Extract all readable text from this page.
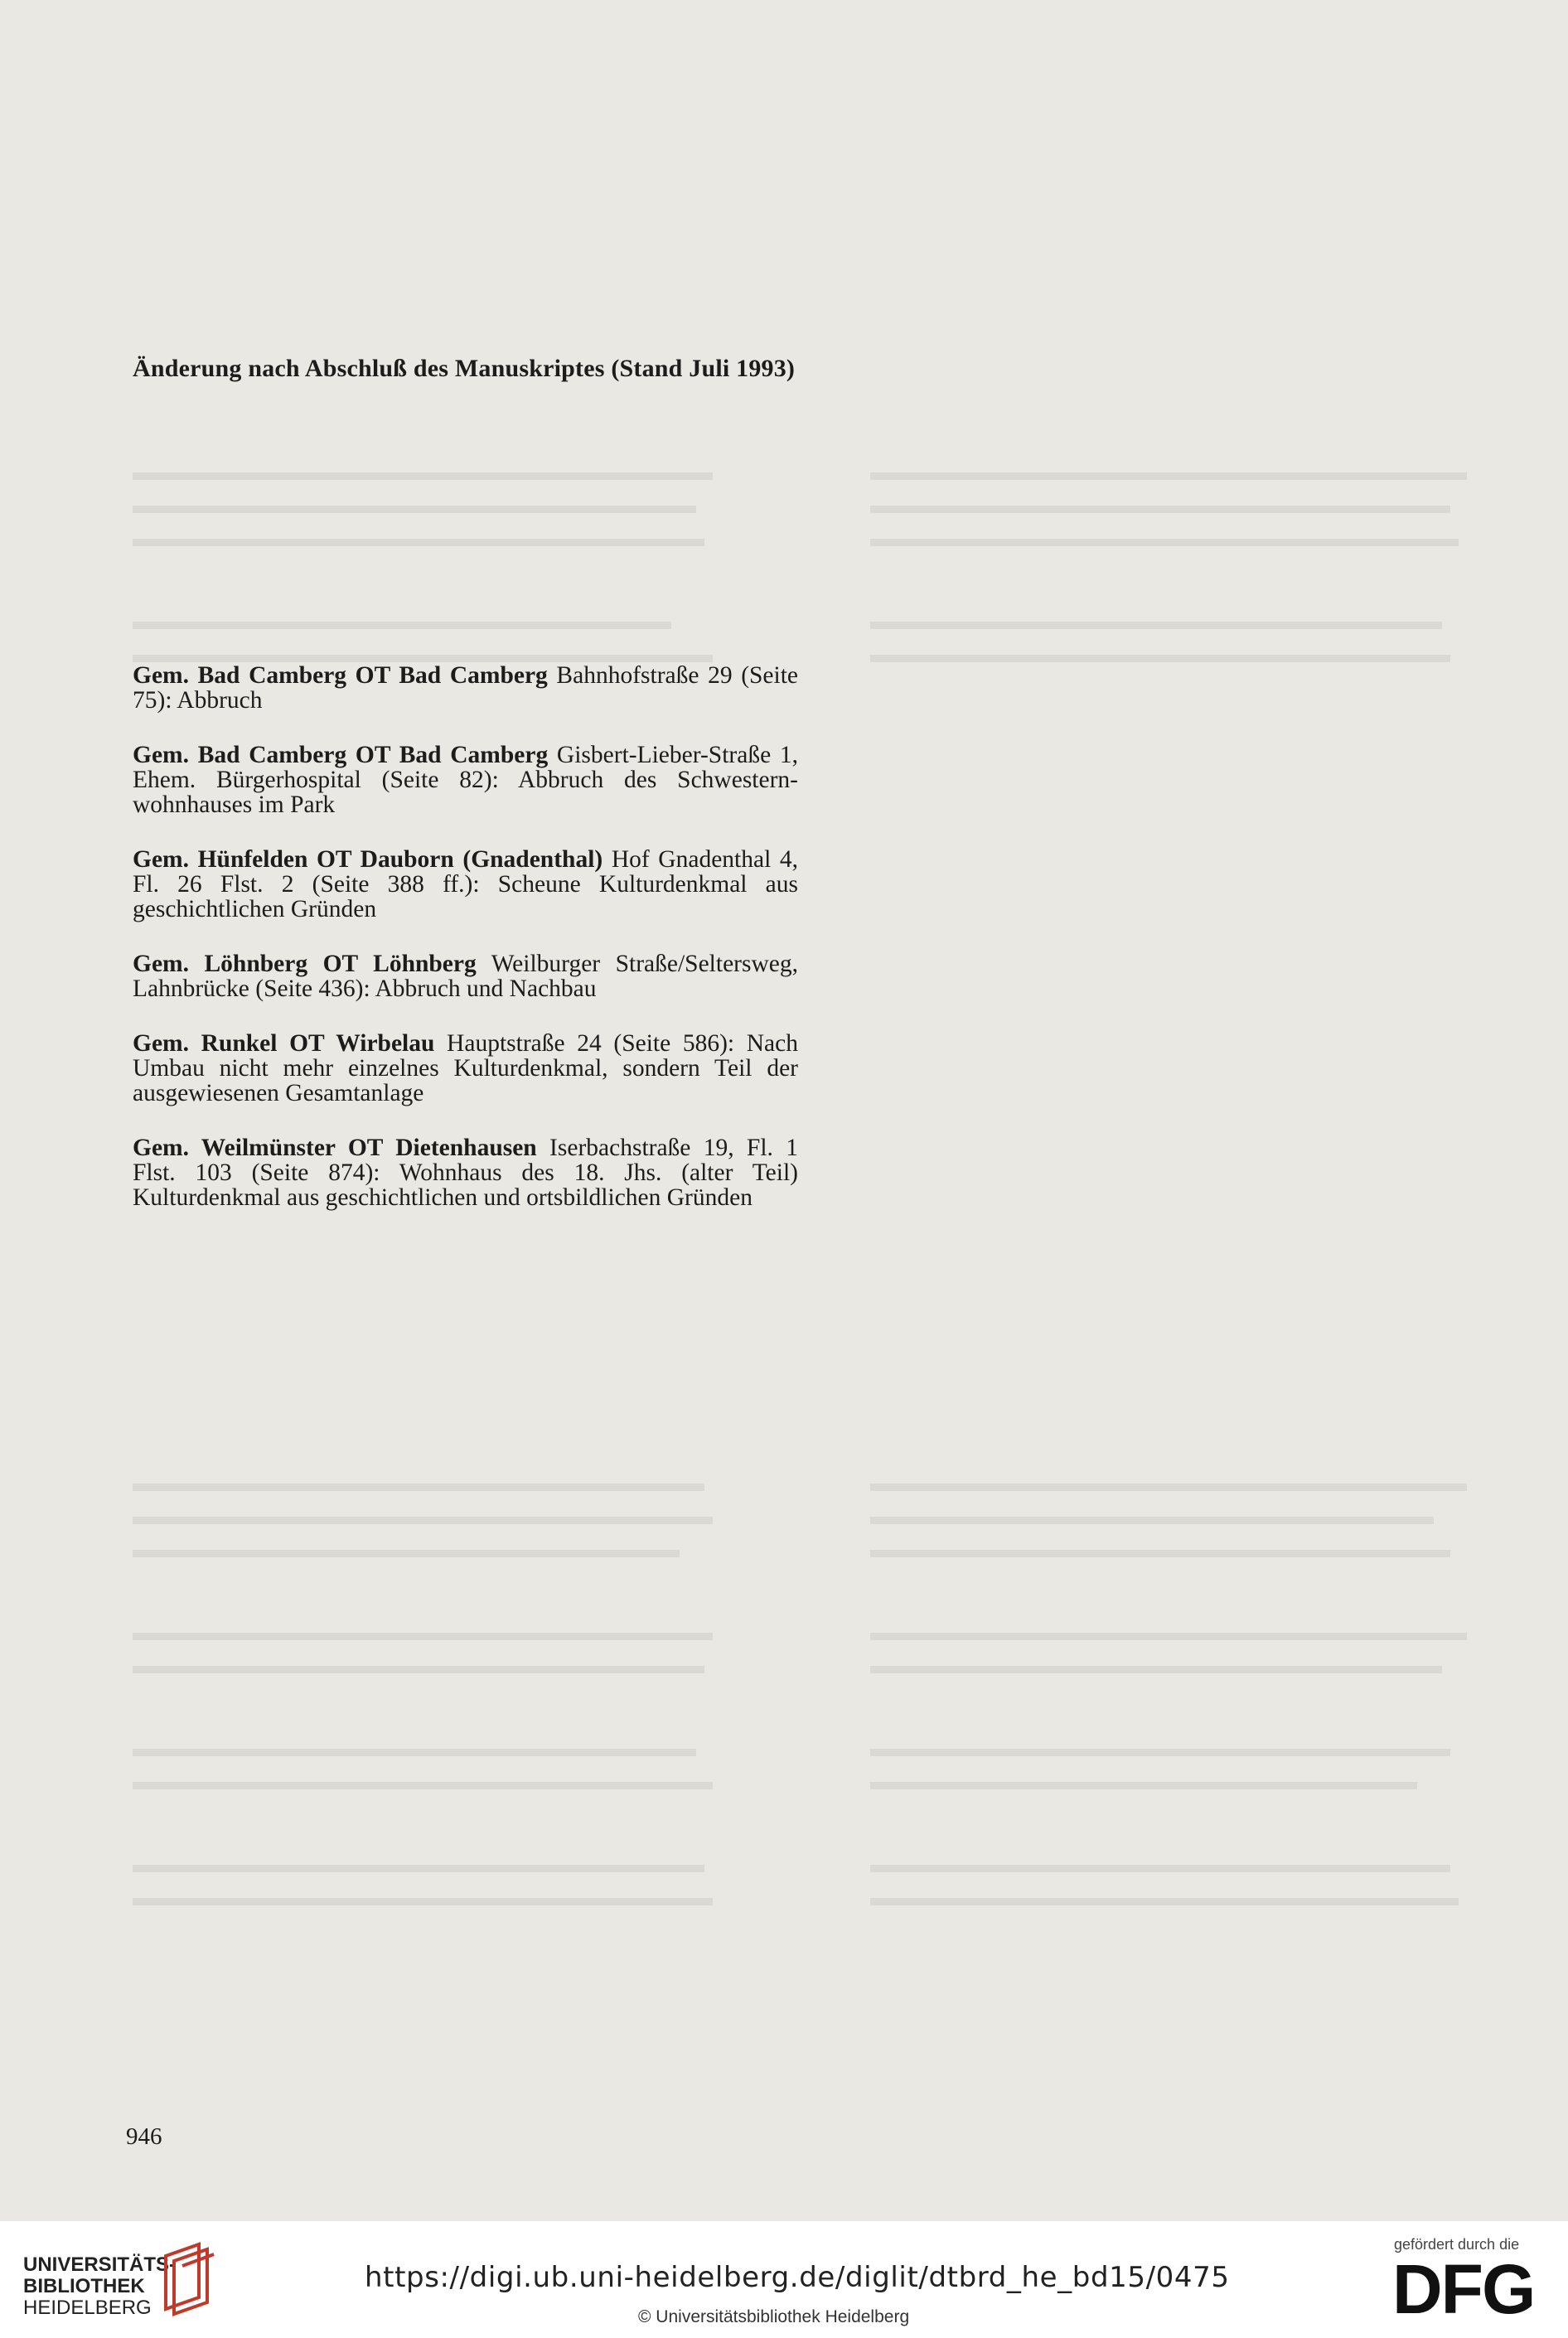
Änderung nach Abschluß des Manuskriptes (Stand Juli 1993)

Gem. Bad Camberg OT Bad Camberg Bahnhofstraße 29 (Seite 75): Abbruch

Gem. Bad Camberg OT Bad Camberg Gisbert-Lieber-Straße 1, Ehem. Bürgerhospital (Seite 82): Abbruch des Schwestern-wohnhauses im Park

Gem. Hünfelden OT Dauborn (Gnadenthal) Hof Gnadenthal 4, Fl. 26 Flst. 2 (Seite 388 ff.): Scheune Kulturdenkmal aus geschichtlichen Gründen

Gem. Löhnberg OT Löhnberg Weilburger Straße/Seltersweg, Lahnbrücke (Seite 436): Abbruch und Nachbau

Gem. Runkel OT Wirbelau Hauptstraße 24 (Seite 586): Nach Umbau nicht mehr einzelnes Kulturdenkmal, sondern Teil der ausgewiesenen Gesamtanlage

Gem. Weilmünster OT Dietenhausen Iserbachstraße 19, Fl. 1 Flst. 103 (Seite 874): Wohnhaus des 18. Jhs. (alter Teil) Kulturdenkmal aus geschichtlichen und ortsbildlichen Gründen

946
UNIVERSITÄTS-
BIBLIOTHEK
HEIDELBERG
https://digi.ub.uni-heidelberg.de/diglit/dtbrd_he_bd15/0475
© Universitätsbibliothek Heidelberg
gefördert durch die
DFG
